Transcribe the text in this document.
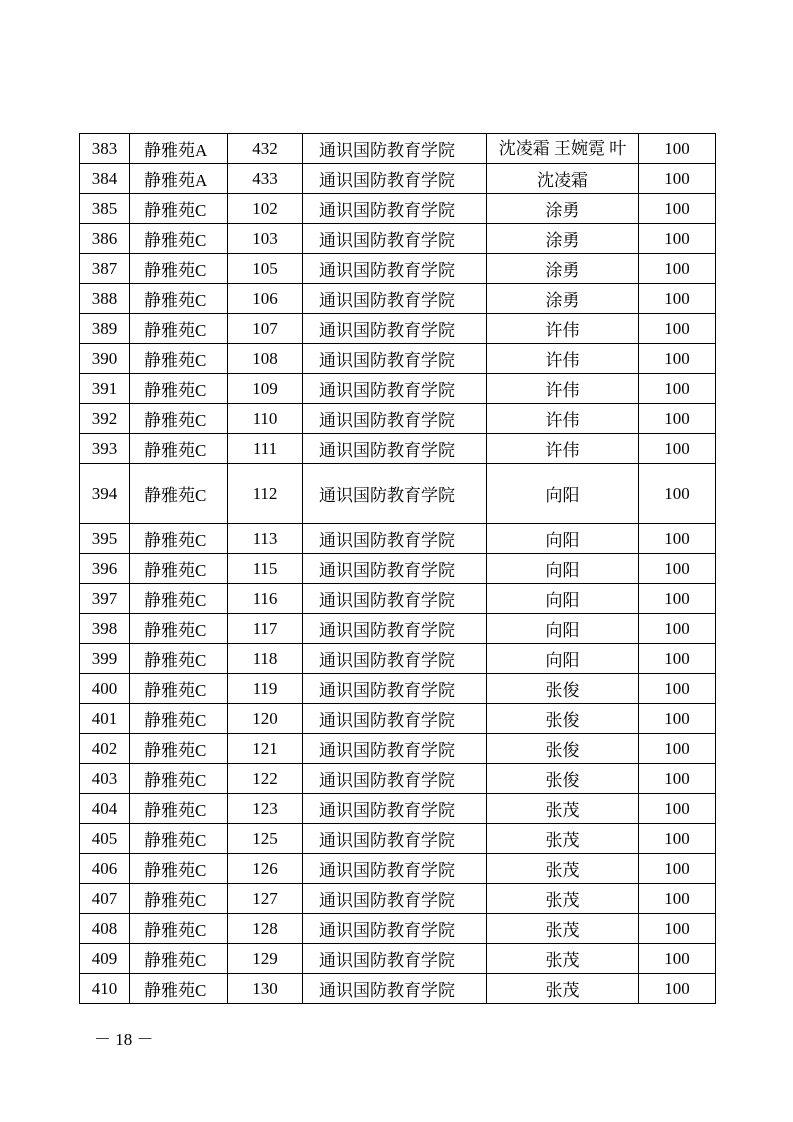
383	静雅苑A	432	通识国防教育学院	沈凌霜 王婉霓 叶	100
384	静雅苑A	433	通识国防教育学院	沈凌霜	100
385	静雅苑C	102	通识国防教育学院	涂勇	100
386	静雅苑C	103	通识国防教育学院	涂勇	100
387	静雅苑C	105	通识国防教育学院	涂勇	100
388	静雅苑C	106	通识国防教育学院	涂勇	100
389	静雅苑C	107	通识国防教育学院	许伟	100
390	静雅苑C	108	通识国防教育学院	许伟	100
391	静雅苑C	109	通识国防教育学院	许伟	100
392	静雅苑C	110	通识国防教育学院	许伟	100
393	静雅苑C	111	通识国防教育学院	许伟	100
394	静雅苑C	112	通识国防教育学院	向阳	100
395	静雅苑C	113	通识国防教育学院	向阳	100
396	静雅苑C	115	通识国防教育学院	向阳	100
397	静雅苑C	116	通识国防教育学院	向阳	100
398	静雅苑C	117	通识国防教育学院	向阳	100
399	静雅苑C	118	通识国防教育学院	向阳	100
400	静雅苑C	119	通识国防教育学院	张俊	100
401	静雅苑C	120	通识国防教育学院	张俊	100
402	静雅苑C	121	通识国防教育学院	张俊	100
403	静雅苑C	122	通识国防教育学院	张俊	100
404	静雅苑C	123	通识国防教育学院	张茂	100
405	静雅苑C	125	通识国防教育学院	张茂	100
406	静雅苑C	126	通识国防教育学院	张茂	100
407	静雅苑C	127	通识国防教育学院	张茂	100
408	静雅苑C	128	通识国防教育学院	张茂	100
409	静雅苑C	129	通识国防教育学院	张茂	100
410	静雅苑C	130	通识国防教育学院	张茂	100
－ 18 －
